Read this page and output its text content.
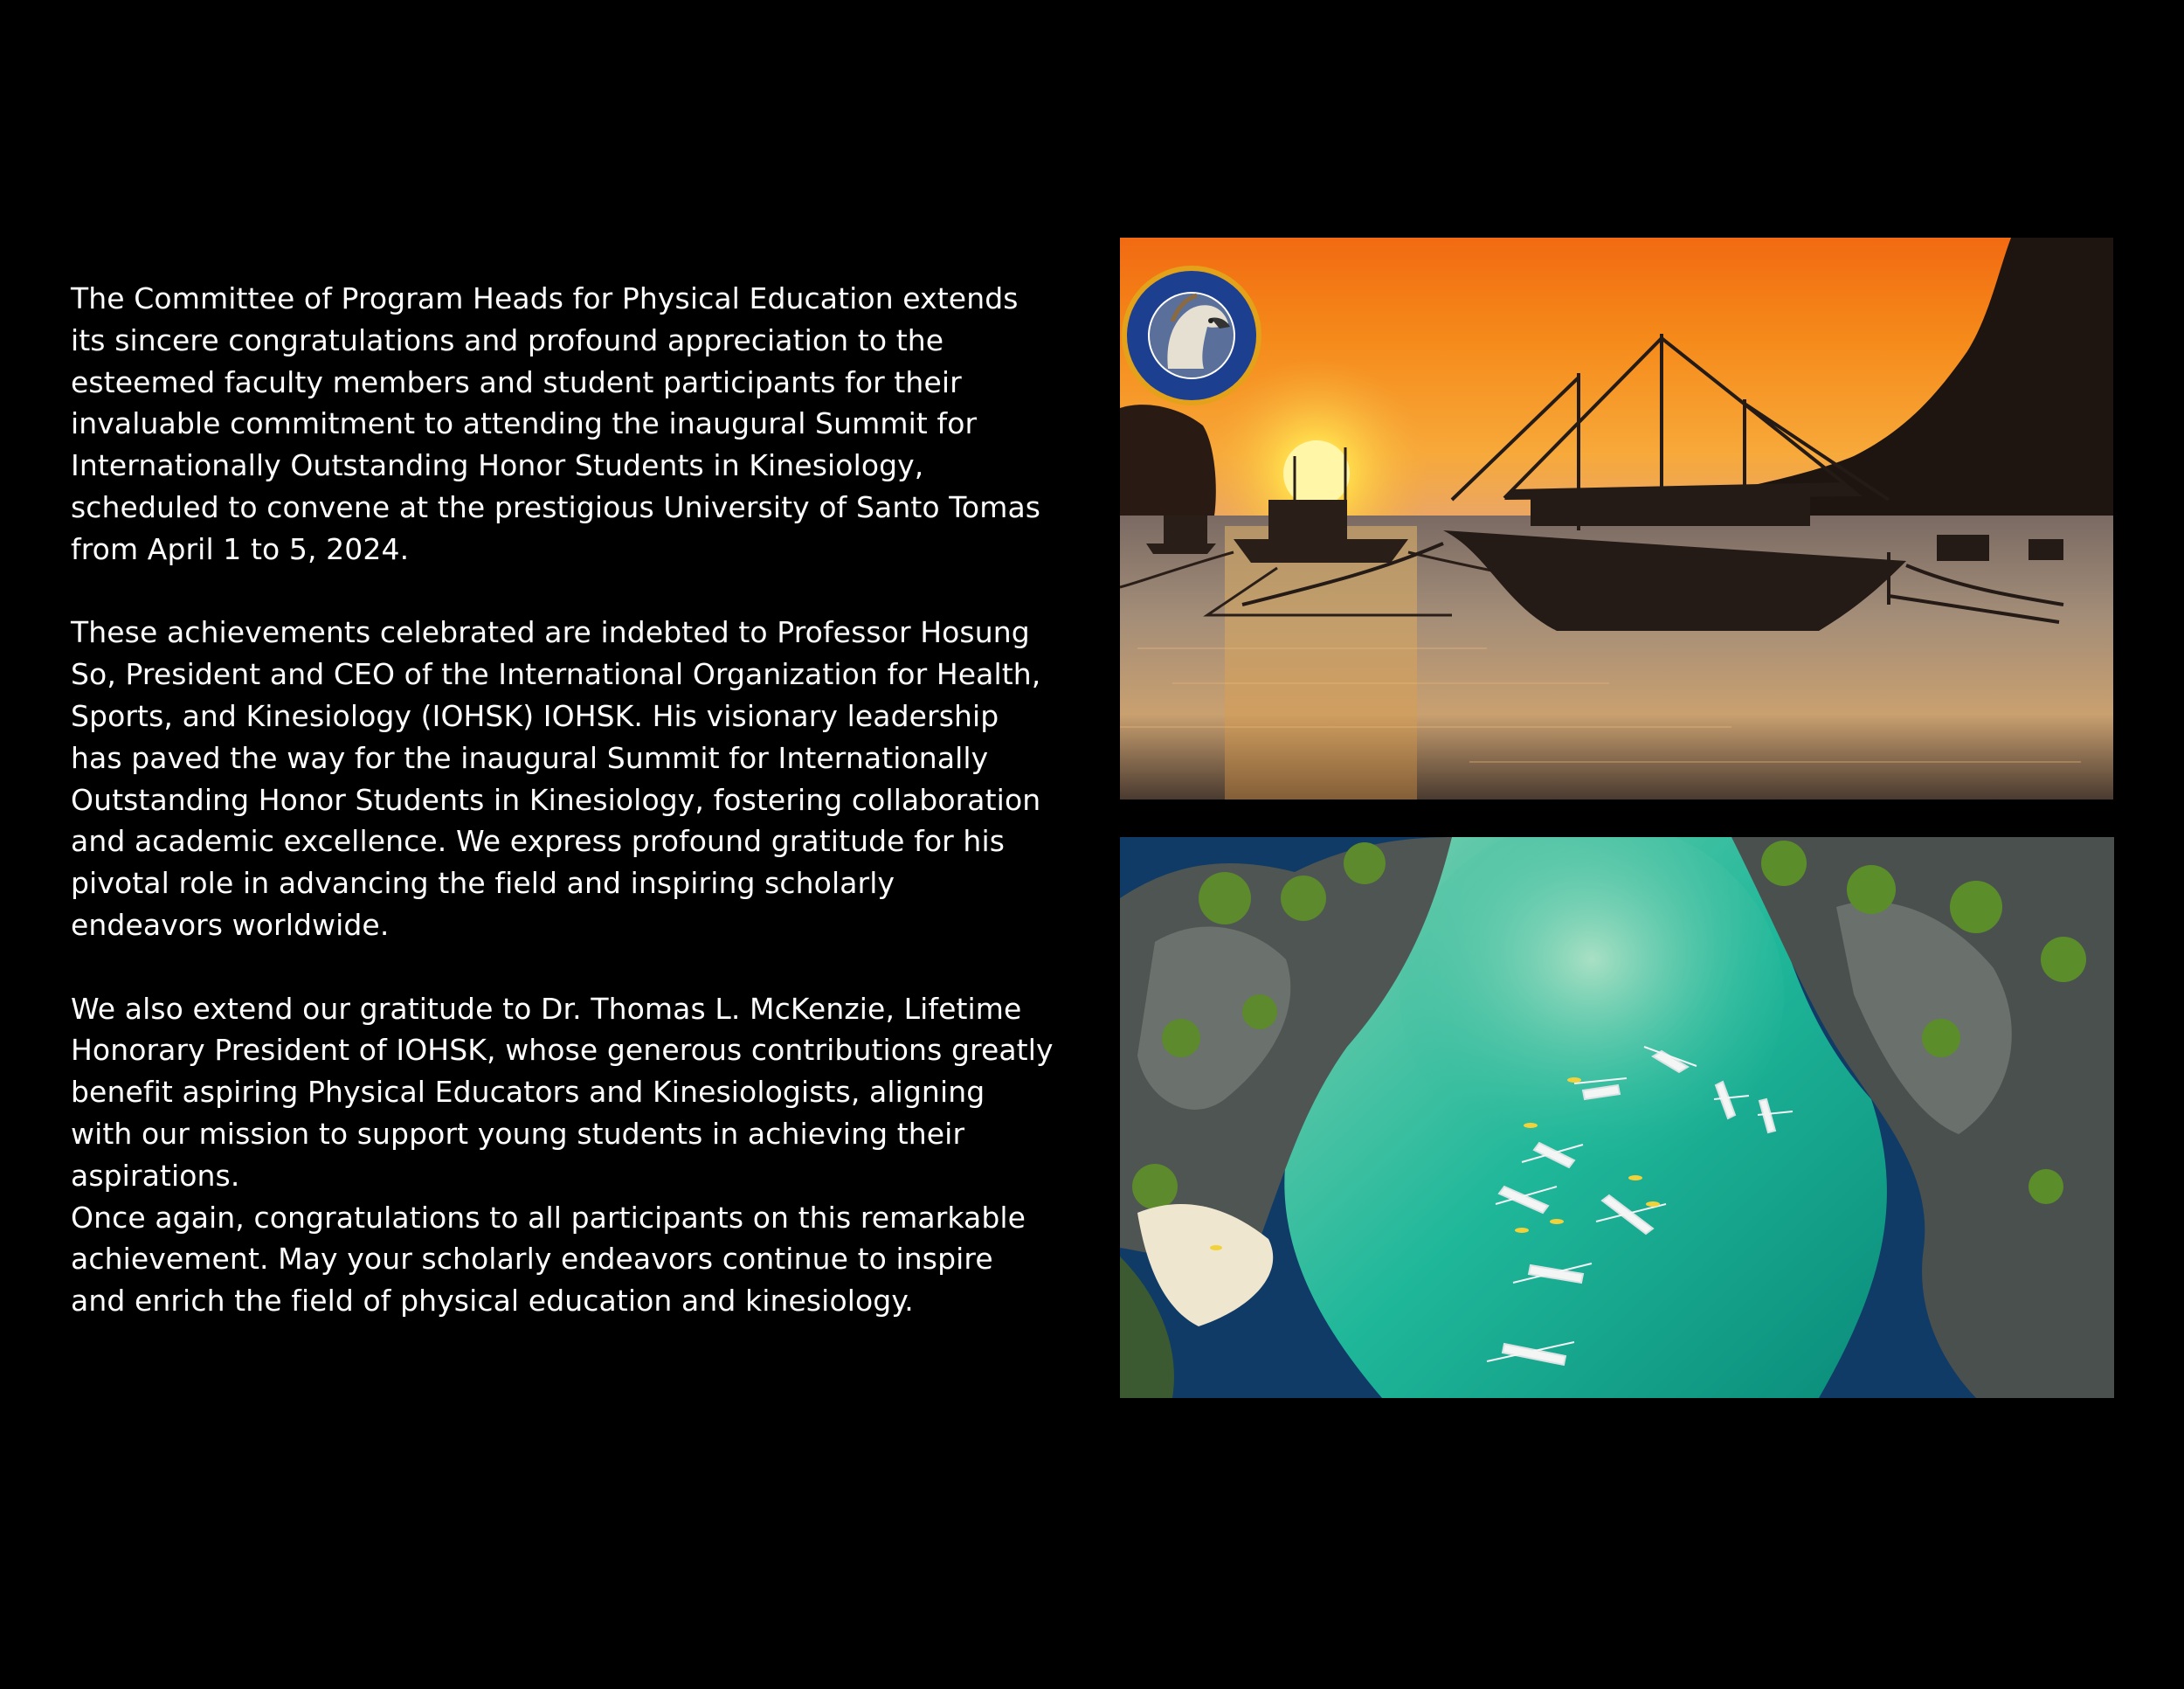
The Committee of Program Heads for Physical Education extends
its sincere congratulations and profound appreciation to the
esteemed faculty members and student participants for their
invaluable commitment to attending the inaugural Summit for
Internationally Outstanding Honor Students in Kinesiology,
scheduled to convene at the prestigious University of Santo Tomas
from April 1 to 5, 2024.

These achievements celebrated are indebted to Professor Hosung
So, President and CEO of the International Organization for Health,
Sports, and Kinesiology (IOHSK) IOHSK. His visionary leadership
has paved the way for the inaugural Summit for Internationally
Outstanding Honor Students in Kinesiology, fostering collaboration
and academic excellence. We express profound gratitude for his
pivotal role in advancing the field and inspiring scholarly
endeavors worldwide.

We also extend our gratitude to Dr. Thomas L. McKenzie, Lifetime
Honorary President of IOHSK, whose generous contributions greatly
benefit aspiring Physical Educators and Kinesiologists, aligning
with our mission to support young students in achieving their
aspirations.

Once again, congratulations to all participants on this remarkable
achievement. May your scholarly endeavors continue to inspire
and enrich the field of physical education and kinesiology.
